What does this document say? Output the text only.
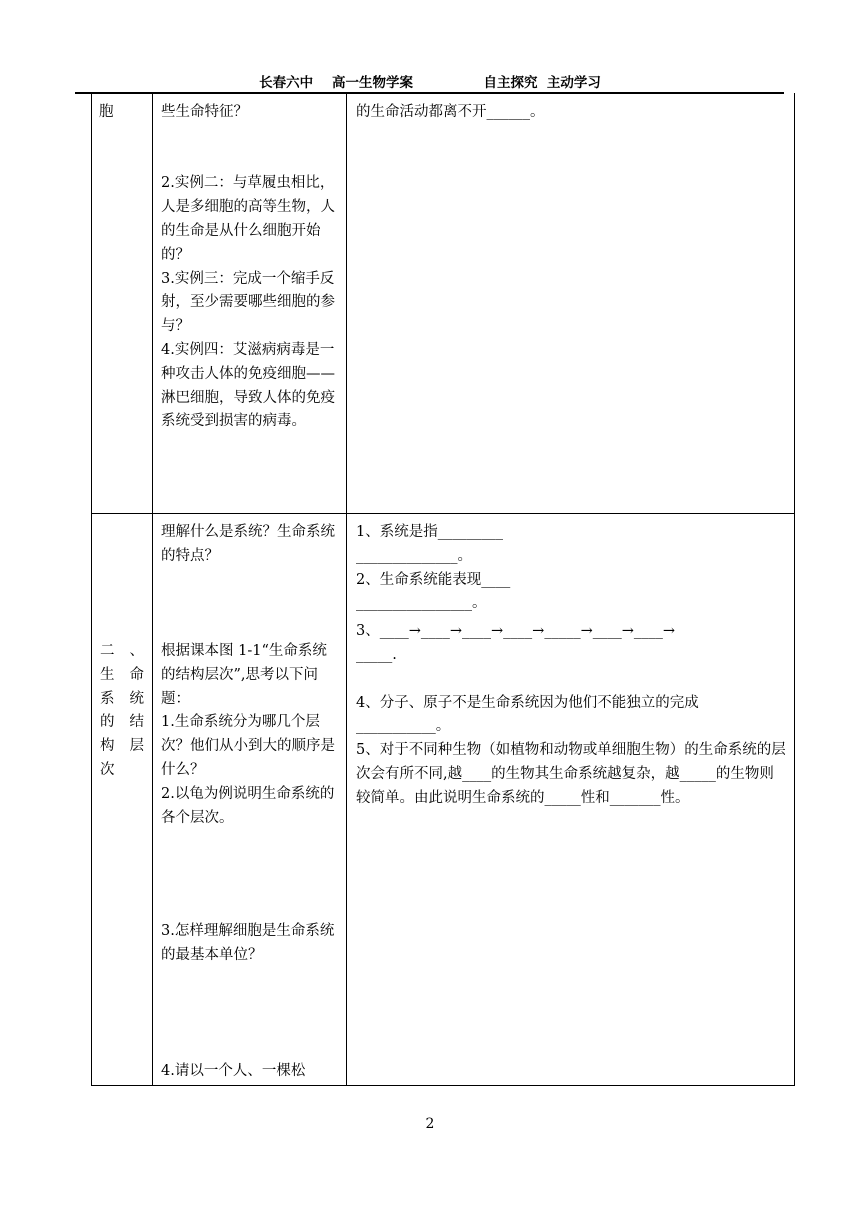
长春六中 高一生物学案	自主探究  主动学习

胞	些生命特征？

2.实例二：与草履虫相比，人是多细胞的高等生物，人的生命是从什么细胞开始的？

3.实例三：完成一个缩手反射，至少需要哪些细胞的参与？

4.实例四：艾滋病病毒是一种攻击人体的免疫细胞——淋巴细胞，导致人体的免疫系统受到损害的病毒。

的生命活动都离不开______。

二 、

生 命

系 统

的 结

构 层

次

理解什么是系统？生命系统的特点？

根据课本图 1-1“生命系统的结构层次”,思考以下问题：

1.生命系统分为哪几个层次？他们从小到大的顺序是什么？

2.以龟为例说明生命系统的各个层次。

3.怎样理解细胞是生命系统的最基本单位？

4.请以一个人、一棵松

1、系统是指_________

______________。

2、生命系统能表现____

________________。

3、____→____→____→____→_____→____→____→

_____.

4、分子、原子不是生命系统因为他们不能独立的完成___________。

5、对于不同种生物（如植物和动物或单细胞生物）的生命系统的层次会有所不同,越____的生物其生命系统越复杂，越_____的生物则较简单。由此说明生命系统的_____性和_______性。

2
